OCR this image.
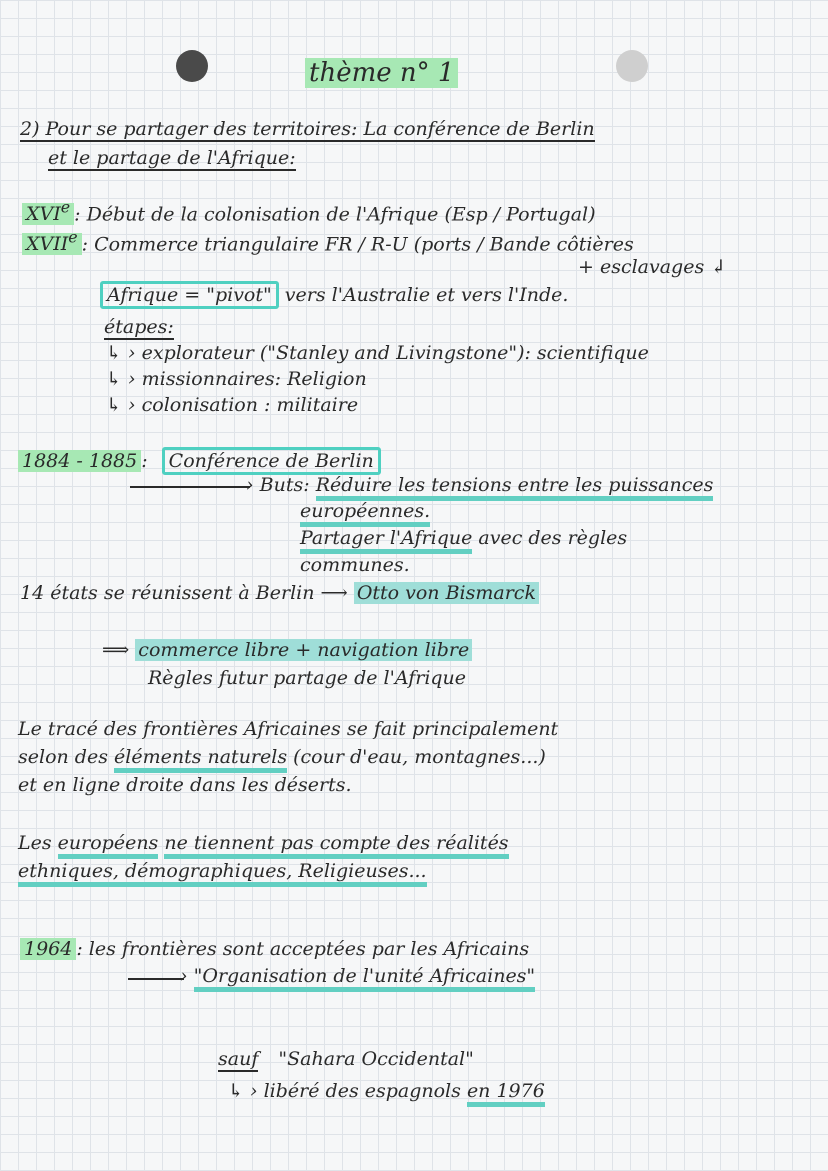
thème n° 1
2) Pour se partager des territoires: La conférence de Berlin
et le partage de l'Afrique:
XVIe : Début de la colonisation de l'Afrique (Esp / Portugal)
XVIIe : Commerce triangulaire FR / R-U (ports / Bande côtières
+ esclavages ↲
Afrique = "pivot" vers l'Australie et vers l'Inde.
étapes:
↳ › explorateur ("Stanley and Livingstone"): scientifique
↳ › missionnaires: Religion
↳ › colonisation : militaire
1884 - 1885 : Conférence de Berlin
› Buts: Réduire les tensions entre les puissances
européennes.
Partager l'Afrique avec des règles
communes.
14 états se réunissent à Berlin ⟶ Otto von Bismarck
⟹ commerce libre + navigation libre
Règles futur partage de l'Afrique
Le tracé des frontières Africaines se fait principalement
selon des éléments naturels (cour d'eau, montagnes...)
et en ligne droite dans les déserts.
Les européens ne tiennent pas compte des réalités
ethniques, démographiques, Religieuses...
1964 : les frontières sont acceptées par les Africains
› "Organisation de l'unité Africaines"
sauf "Sahara Occidental"
↳ › libéré des espagnols en 1976
